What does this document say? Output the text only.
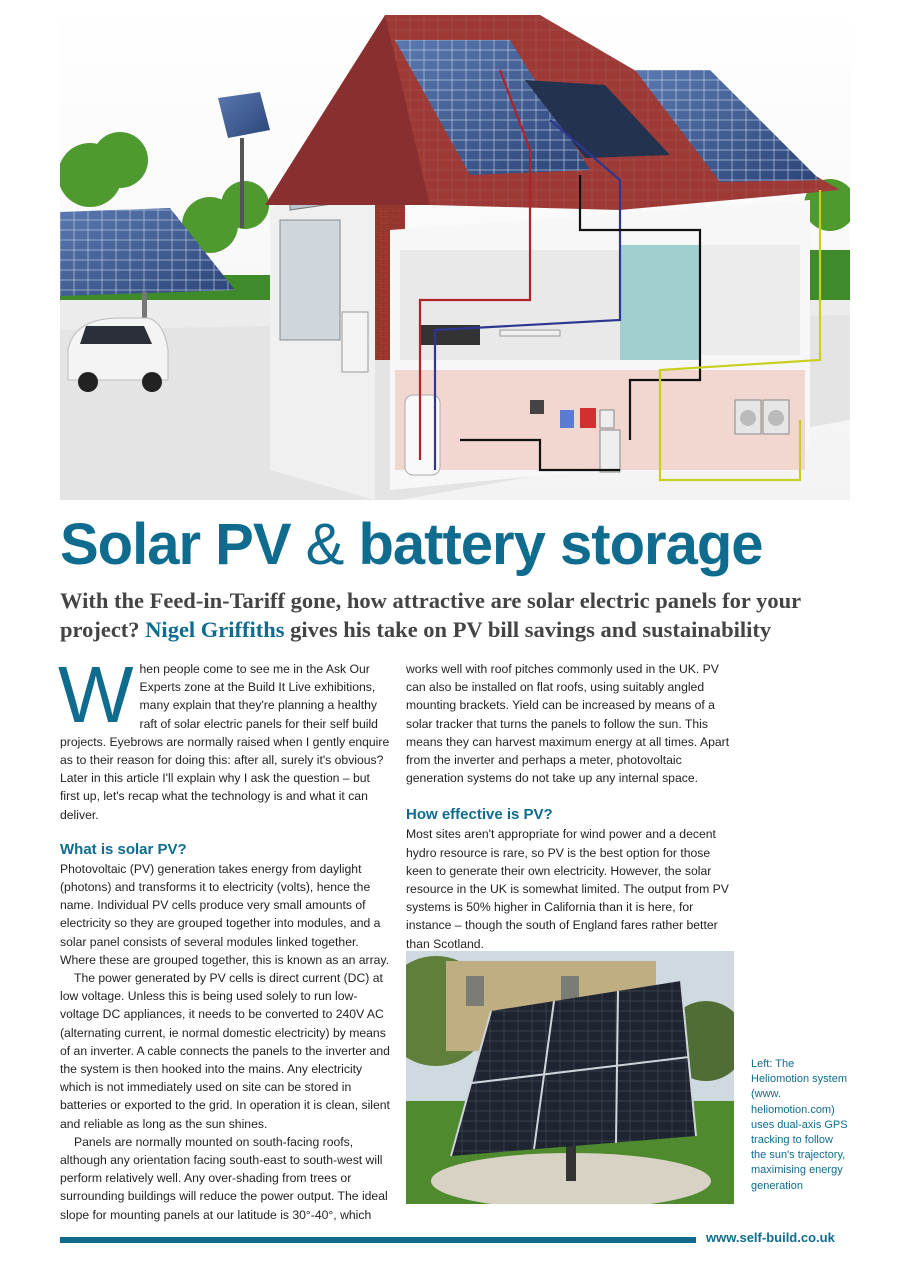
Solar PV & battery storage
With the Feed-in-Tariff gone, how attractive are solar electric panels for your project? Nigel Griffiths gives his take on PV bill savings and sustainability

When people come to see me in the Ask Our Experts zone at the Build It Live exhibitions, many explain that they're planning a healthy raft of solar electric panels for their self build projects. Eyebrows are normally raised when I gently enquire as to their reason for doing this: after all, surely it's obvious? Later in this article I'll explain why I ask the question – but first up, let's recap what the technology is and what it can deliver.

What is solar PV?

Photovoltaic (PV) generation takes energy from daylight (photons) and transforms it to electricity (volts), hence the name. Individual PV cells produce very small amounts of electricity so they are grouped together into modules, and a solar panel consists of several modules linked together. Where these are grouped together, this is known as an array.

The power generated by PV cells is direct current (DC) at low voltage. Unless this is being used solely to run low-voltage DC appliances, it needs to be converted to 240V AC (alternating current, ie normal domestic electricity) by means of an inverter. A cable connects the panels to the inverter and the system is then hooked into the mains. Any electricity which is not immediately used on site can be stored in batteries or exported to the grid. In operation it is clean, silent and reliable as long as the sun shines.

Panels are normally mounted on south-facing roofs, although any orientation facing south-east to south-west will perform relatively well. Any over-shading from trees or surrounding buildings will reduce the power output. The ideal slope for mounting panels at our latitude is 30°-40°, which

works well with roof pitches commonly used in the UK. PV can also be installed on flat roofs, using suitably angled mounting brackets. Yield can be increased by means of a solar tracker that turns the panels to follow the sun. This means they can harvest maximum energy at all times. Apart from the inverter and perhaps a meter, photovoltaic generation systems do not take up any internal space.

How effective is PV?

Most sites aren't appropriate for wind power and a decent hydro resource is rare, so PV is the best option for those keen to generate their own electricity. However, the solar resource in the UK is somewhat limited. The output from PV systems is 50% higher in California than it is here, for instance – though the south of England fares rather better than Scotland.

Left: The Heliomotion system (www. heliomotion.com) uses dual-axis GPS tracking to follow the sun's trajectory, maximising energy generation
www.self-build.co.uk
